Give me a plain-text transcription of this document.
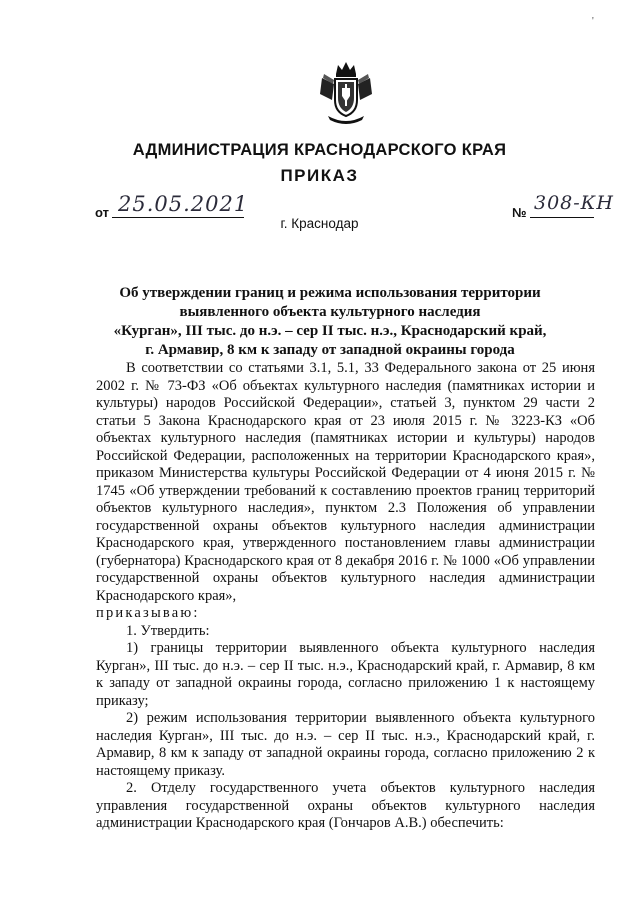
'
АДМИНИСТРАЦИЯ КРАСНОДАРСКОГО КРАЯ
ПРИКАЗ
от 25.05.2021	№ 308-КН
г. Краснодар
Об утверждении границ и режима использования территории
выявленного объекта культурного наследия
«Курган», III тыс. до н.э. – сер II тыс. н.э., Краснодарский край,
г. Армавир, 8 км к западу от западной окраины города

В соответствии со статьями 3.1, 5.1, 33 Федерального закона от 25 июня 2002 г. № 73-ФЗ «Об объектах культурного наследия (памятниках истории и культуры) народов Российской Федерации», статьей 3, пунктом 29 части 2 статьи 5 Закона Краснодарского края от 23 июля 2015 г. № 3223-КЗ «Об объектах культурного наследия (памятниках истории и культуры) народов Российской Федерации, расположенных на территории Краснодарского края», приказом Министерства культуры Российской Федерации от 4 июня 2015 г. № 1745 «Об утверждении требований к составлению проектов границ территорий объектов культурного наследия», пунктом 2.3 Положения об управлении государственной охраны объектов культурного наследия администрации Краснодарского края, утвержденного постановлением главы администрации (губернатора) Краснодарского края от 8 декабря 2016 г. № 1000 «Об управлении государственной охраны объектов культурного наследия администрации Краснодарского края»,

приказываю:

1. Утвердить:

1) границы территории выявленного объекта культурного наследия Курган», III тыс. до н.э. – сер II тыс. н.э., Краснодарский край, г. Армавир, 8 км к западу от западной окраины города, согласно приложению 1 к настоящему приказу;

2) режим использования территории выявленного объекта культурного наследия Курган», III тыс. до н.э. – сер II тыс. н.э., Краснодарский край, г. Армавир, 8 км к западу от западной окраины города, согласно приложению 2 к настоящему приказу.

2. Отделу государственного учета объектов культурного наследия управления государственной охраны объектов культурного наследия администрации Краснодарского края (Гончаров А.В.) обеспечить:
